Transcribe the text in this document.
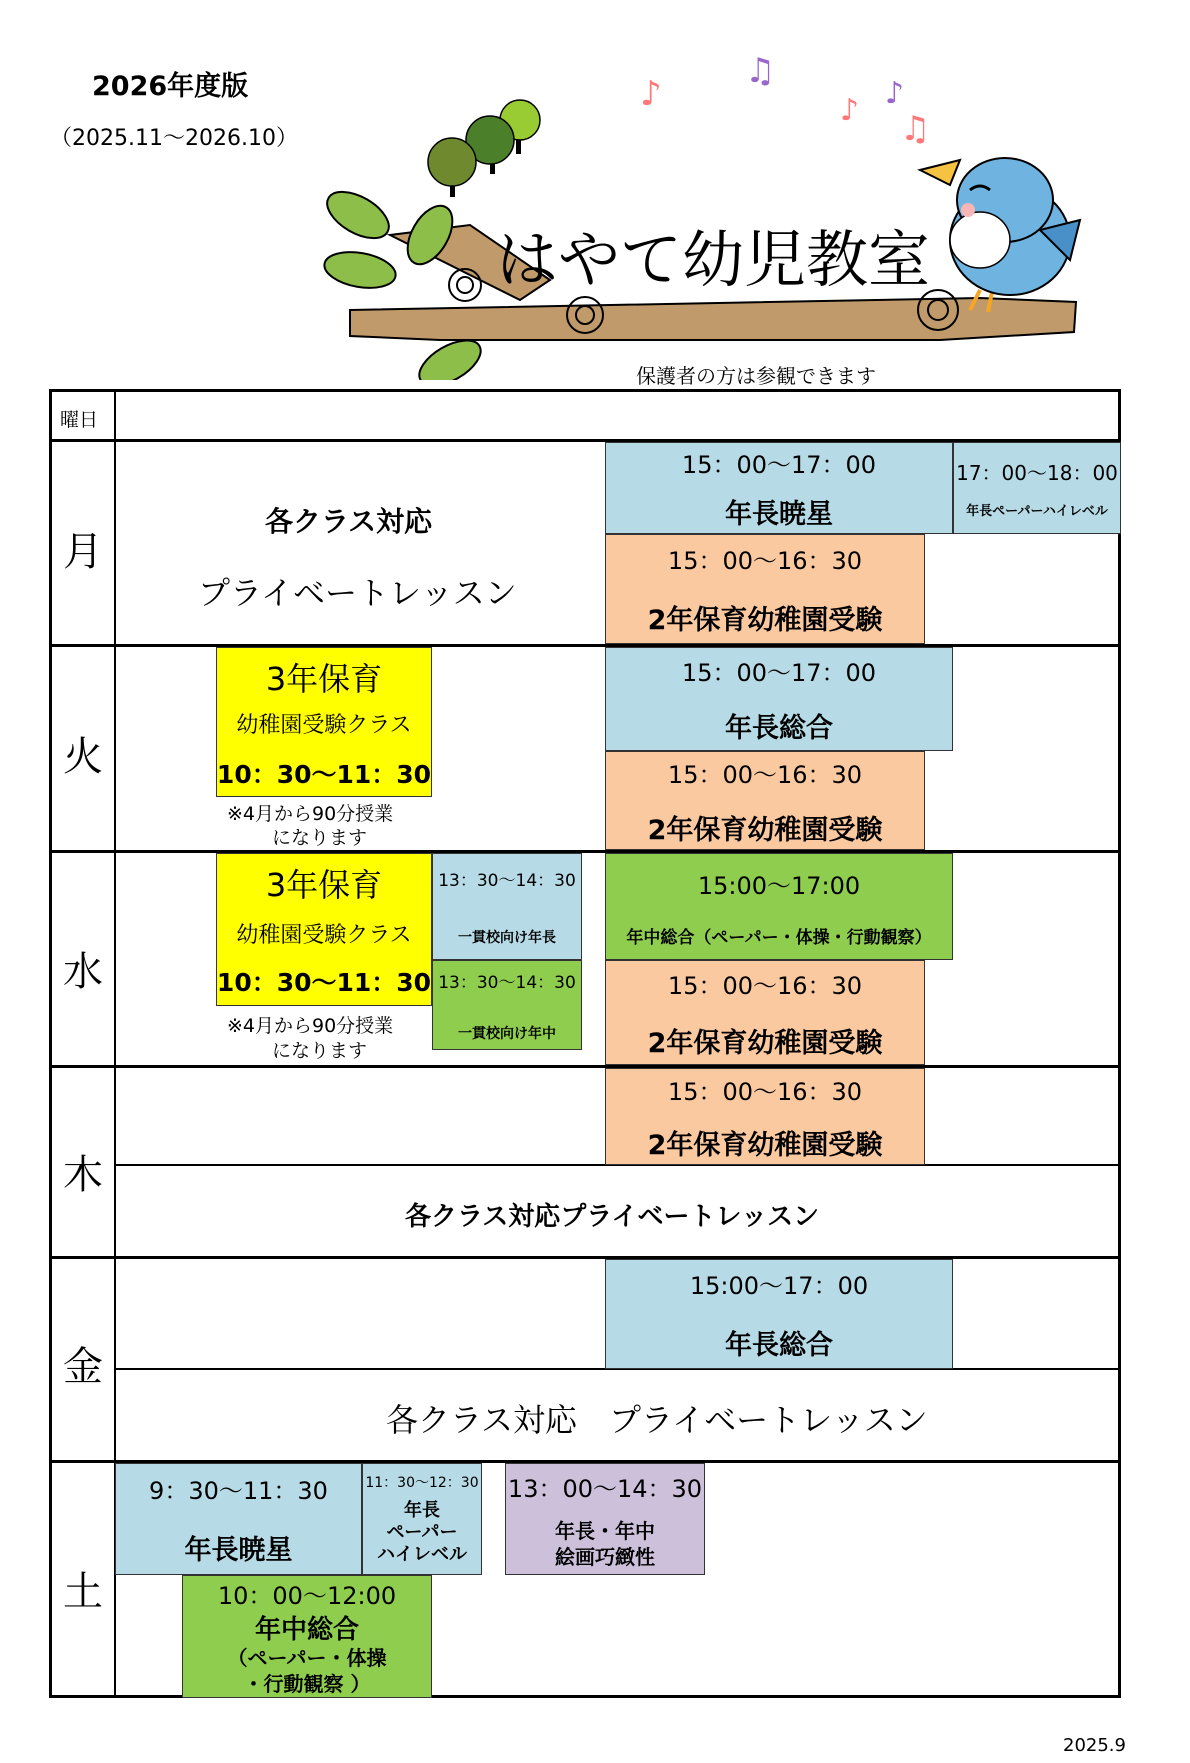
2026年度版
（2025.11～2026.10）
♪
♫
♪ ♪
♫
はやて幼児教室
保護者の方は参観できます
曜日
月
火
水
木
金
土
各クラス対応
プライベートレッスン
15：00～17：00
年長暁星
17：00～18：00
年長ペーパーハイレベル
15：00～16：30
2年保育幼稚園受験
3年保育
幼稚園受験クラス
10：30～11：30
※4月から90分授業
になります
15：00～17：00
年長総合
15：00～16：30
2年保育幼稚園受験
3年保育
幼稚園受験クラス
10：30～11：30
※4月から90分授業
になります
13：30～14：30
一貫校向け年長
13：30～14：30
一貫校向け年中
15:00～17:00
年中総合（ペーパー・体操・行動観察）
15：00～16：30
2年保育幼稚園受験
15：00～16：30
2年保育幼稚園受験
各クラス対応プライベートレッスン
15:00～17：00
年長総合
各クラス対応　プライベートレッスン
9：30～11：30
年長暁星
11：30～12：30
年長
ペーパー
ハイレベル
13：00～14：30
年長・年中
絵画巧緻性
10：00～12:00
年中総合
（ペーパー・体操
・行動観察 ）
2025.9
